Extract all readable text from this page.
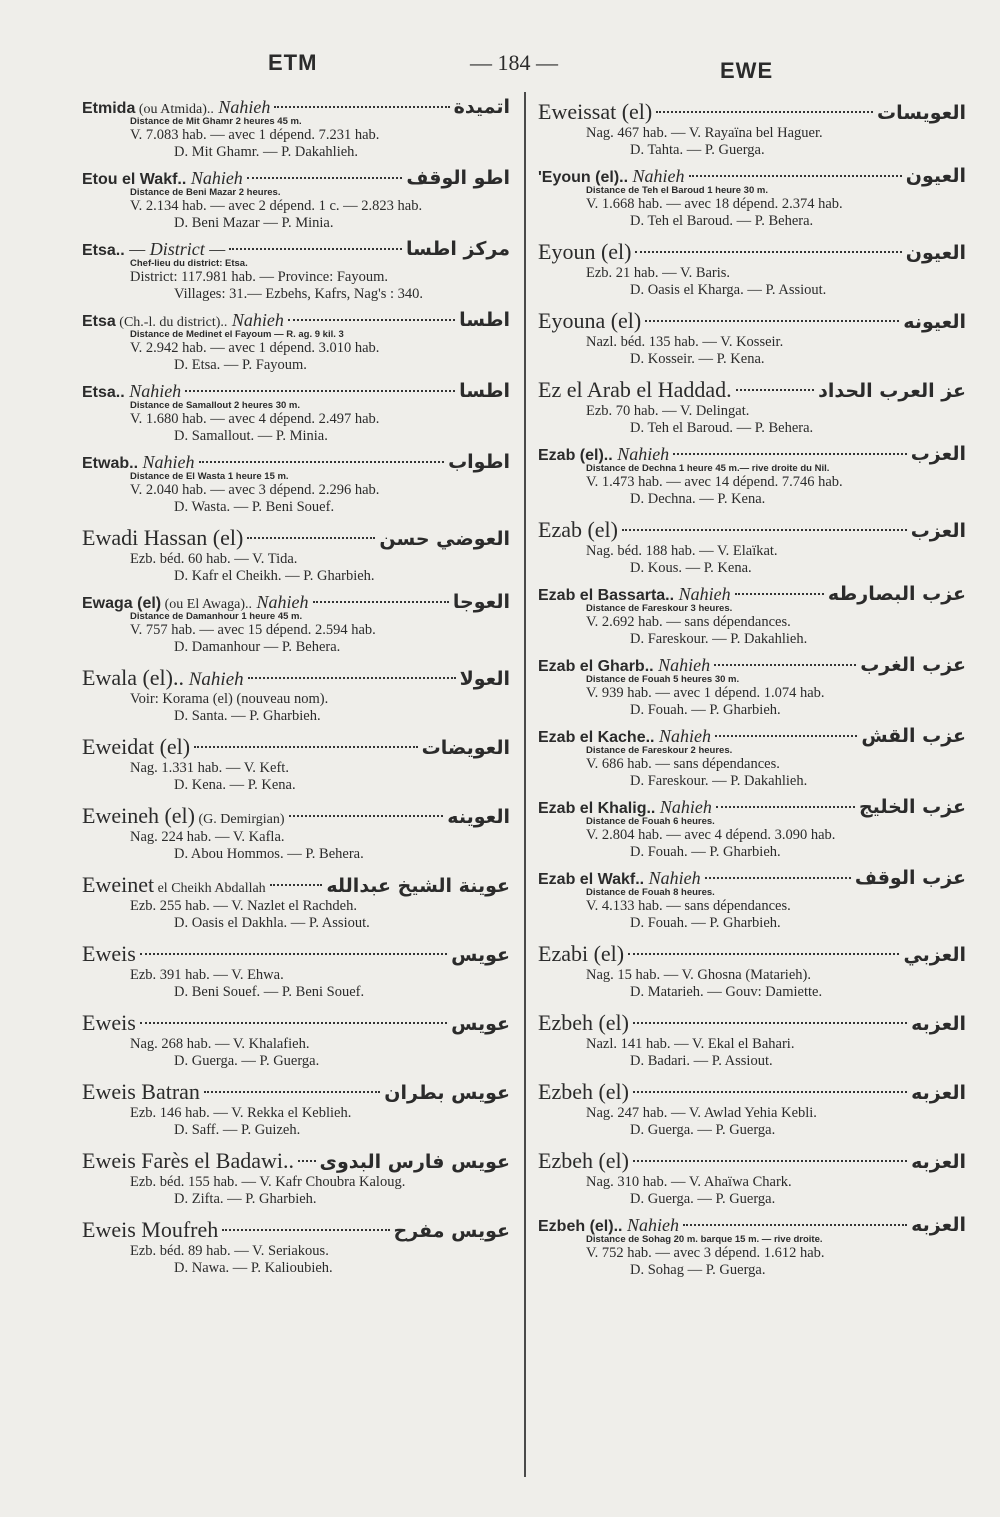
ETM	— 184 —	EWE
Etmida (ou Atmida).. Nahieh	اتميدة
Distance de Mit Ghamr 2 heures 45 m.
V. 7.083 hab. — avec 1 dépend. 7.231 hab.
D. Mit Ghamr. — P. Dakahlieh.
Etou el Wakf.. Nahieh	اطو الوقف
Distance de Beni Mazar 2 heures.
V. 2.134 hab. — avec 2 dépend. 1 c. — 2.823 hab.
D. Beni Mazar — P. Minia.
Etsa.. — District —	مركز اطسا
Chef-lieu du district: Etsa.
District: 117.981 hab. — Province: Fayoum.
Villages: 31.— Ezbehs, Kafrs, Nag's : 340.
Etsa (Ch.-l. du district).. Nahieh	اطسا
Distance de Medinet el Fayoum — R. ag. 9 kil. 3
V. 2.942 hab. — avec 1 dépend. 3.010 hab.
D. Etsa. — P. Fayoum.
Etsa.. Nahieh	اطسا
Distance de Samallout 2 heures 30 m.
V. 1.680 hab. — avec 4 dépend. 2.497 hab.
D. Samallout. — P. Minia.
Etwab.. Nahieh	اطواب
Distance de El Wasta 1 heure 15 m.
V. 2.040 hab. — avec 3 dépend. 2.296 hab.
D. Wasta. — P. Beni Souef.
Ewadi Hassan (el)	العوضي حسن
Ezb. béd. 60 hab. — V. Tida.
D. Kafr el Cheikh. — P. Gharbieh.
Ewaga (el) (ou El Awaga).. Nahieh	العوجا
Distance de Damanhour 1 heure 45 m.
V. 757 hab. — avec 15 dépend. 2.594 hab.
D. Damanhour — P. Behera.
Ewala (el).. Nahieh	العولا
Voir: Korama (el) (nouveau nom).
D. Santa. — P. Gharbieh.
Eweidat (el)	العويضات
Nag. 1.331 hab. — V. Keft.
D. Kena. — P. Kena.
Eweineh (el) (G. Demirgian)	العوينه
Nag. 224 hab. — V. Kafla.
D. Abou Hommos. — P. Behera.
Eweinet el Cheikh Abdallah	عوينة الشيخ عبدالله
Ezb. 255 hab. — V. Nazlet el Rachdeh.
D. Oasis el Dakhla. — P. Assiout.
Eweis	عويس
Ezb. 391 hab. — V. Ehwa.
D. Beni Souef. — P. Beni Souef.
Eweis	عويس
Nag. 268 hab. — V. Khalafieh.
D. Guerga. — P. Guerga.
Eweis Batran	عويس بطران
Ezb. 146 hab. — V. Rekka el Keblieh.
D. Saff. — P. Guizeh.
Eweis Farès el Badawi.. عويس فارس البدوى
Ezb. béd. 155 hab. — V. Kafr Choubra Kaloug.
D. Zifta. — P. Gharbieh.
Eweis Moufreh	عويس مفرح
Ezb. béd. 89 hab. — V. Seriakous.
D. Nawa. — P. Kalioubieh.
Eweissat (el)	العويسات
Nag. 467 hab. — V. Rayaïna bel Haguer.
D. Tahta. — P. Guerga.
'Eyoun (el).. Nahieh	العيون
Distance de Teh el Baroud 1 heure 30 m.
V. 1.668 hab. — avec 18 dépend. 2.374 hab.
D. Teh el Baroud. — P. Behera.
Eyoun (el)	العيون
Ezb. 21 hab. — V. Baris.
D. Oasis el Kharga. — P. Assiout.
Eyouna (el)	العيونه
Nazl. béd. 135 hab. — V. Kosseir.
D. Kosseir. — P. Kena.
Ez el Arab el Haddad.	عز العرب الحداد
Ezb. 70 hab. — V. Delingat.
D. Teh el Baroud. — P. Behera.
Ezab (el).. Nahieh	العزب
Distance de Dechna 1 heure 45 m.— rive droite du Nil.
V. 1.473 hab. — avec 14 dépend. 7.746 hab.
D. Dechna. — P. Kena.
Ezab (el)	العزب
Nag. béd. 188 hab. — V. Elaïkat.
D. Kous. — P. Kena.
Ezab el Bassarta.. Nahieh	عزب البصارطه
Distance de Fareskour 3 heures.
V. 2.692 hab. — sans dépendances.
D. Fareskour. — P. Dakahlieh.
Ezab el Gharb.. Nahieh	عزب الغرب
Distance de Fouah 5 heures 30 m.
V. 939 hab. — avec 1 dépend. 1.074 hab.
D. Fouah. — P. Gharbieh.
Ezab el Kache.. Nahieh	عزب القش
Distance de Fareskour 2 heures.
V. 686 hab. — sans dépendances.
D. Fareskour. — P. Dakahlieh.
Ezab el Khalig.. Nahieh	عزب الخليج
Distance de Fouah 6 heures.
V. 2.804 hab. — avec 4 dépend. 3.090 hab.
D. Fouah. — P. Gharbieh.
Ezab el Wakf.. Nahieh	عزب الوقف
Distance de Fouah 8 heures.
V. 4.133 hab. — sans dépendances.
D. Fouah. — P. Gharbieh.
Ezabi (el)	العزبي
Nag. 15 hab. — V. Ghosna (Matarieh).
D. Matarieh. — Gouv: Damiette.
Ezbeh (el)	العزبه
Nazl. 141 hab. — V. Ekal el Bahari.
D. Badari. — P. Assiout.
Ezbeh (el)	العزبه
Nag. 247 hab. — V. Awlad Yehia Kebli.
D. Guerga. — P. Guerga.
Ezbeh (el)	العزبه
Nag. 310 hab. — V. Ahaïwa Chark.
D. Guerga. — P. Guerga.
Ezbeh (el).. Nahieh	العزبه
Distance de Sohag 20 m. barque 15 m. — rive droite.
V. 752 hab. — avec 3 dépend. 1.612 hab.
D. Sohag — P. Guerga.
